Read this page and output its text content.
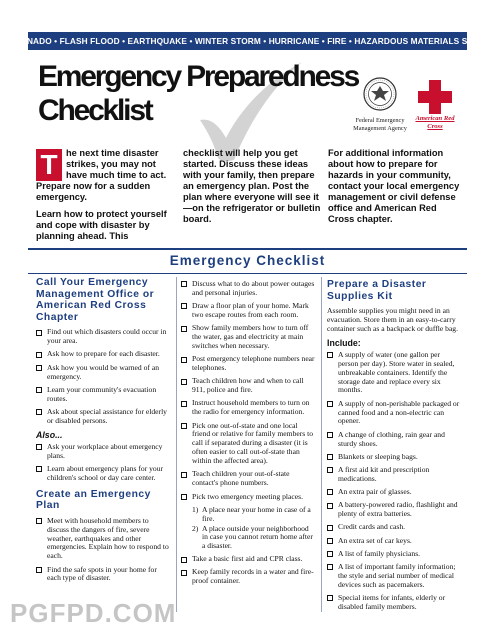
TORNADO • FLASH FLOOD • EARTHQUAKE • WINTER STORM • HURRICANE • FIRE • HAZARDOUS MATERIALS SPILL
Emergency Preparedness
Checklist	Federal Emergency Management Agency
American Red Cross

T he next time disaster strikes, you may not have much time to act. Prepare now for a sudden emergency.

Learn how to protect yourself and cope with disaster by planning ahead. This

checklist will help you get started. Discuss these ideas with your family, then prepare an emergency plan. Post the plan where everyone will see it—on the refrigerator or bulletin board.
For additional information about how to prepare for hazards in your community, contact your local emergency management or civil defense office and American Red Cross chapter.
Emergency Checklist
Call Your Emergency Management Office or American Red Cross Chapter
Find out which disasters could occur in your area.
Ask how to prepare for each disaster.
Ask how you would be warned of an emergency.
Learn your community's evacuation routes.
Ask about special assistance for elderly or disabled persons.
Also...
Ask your workplace about emergency plans.
Learn about emergency plans for your children's school or day care center.
Create an Emergency Plan
Meet with household members to discuss the dangers of fire, severe weather, earthquakes and other emergencies. Explain how to respond to each.
Find the safe spots in your home for each type of disaster.
Discuss what to do about power outages and personal injuries.
Draw a floor plan of your home. Mark two escape routes from each room.
Show family members how to turn off the water, gas and electricity at main switches when necessary.
Post emergency telephone numbers near telephones.
Teach children how and when to call 911, police and fire.
Instruct household members to turn on the radio for emergency information.
Pick one out-of-state and one local friend or relative for family members to call if separated during a disaster (it is often easier to call out-of-state than within the affected area).
Teach children your out-of-state contact's phone numbers.
Pick two emergency meeting places.
1) A place near your home in case of a fire.
2) A place outside your neighborhood in case you cannot return home after a disaster.
Take a basic first aid and CPR class.
Keep family records in a water and fire-proof container.
Prepare a Disaster Supplies Kit
Assemble supplies you might need in an evacuation. Store them in an easy-to-carry container such as a backpack or duffle bag.
Include:
A supply of water (one gallon per person per day). Store water in sealed, unbreakable containers. Identify the storage date and replace every six months.
A supply of non-perishable packaged or canned food and a non-electric can opener.
A change of clothing, rain gear and sturdy shoes.
Blankets or sleeping bags.
A first aid kit and prescription medications.
An extra pair of glasses.
A battery-powered radio, flashlight and plenty of extra batteries.
Credit cards and cash.
An extra set of car keys.
A list of family physicians.
A list of important family information; the style and serial number of medical devices such as pacemakers.
Special items for infants, elderly or disabled family members.
PGFPD.COM
